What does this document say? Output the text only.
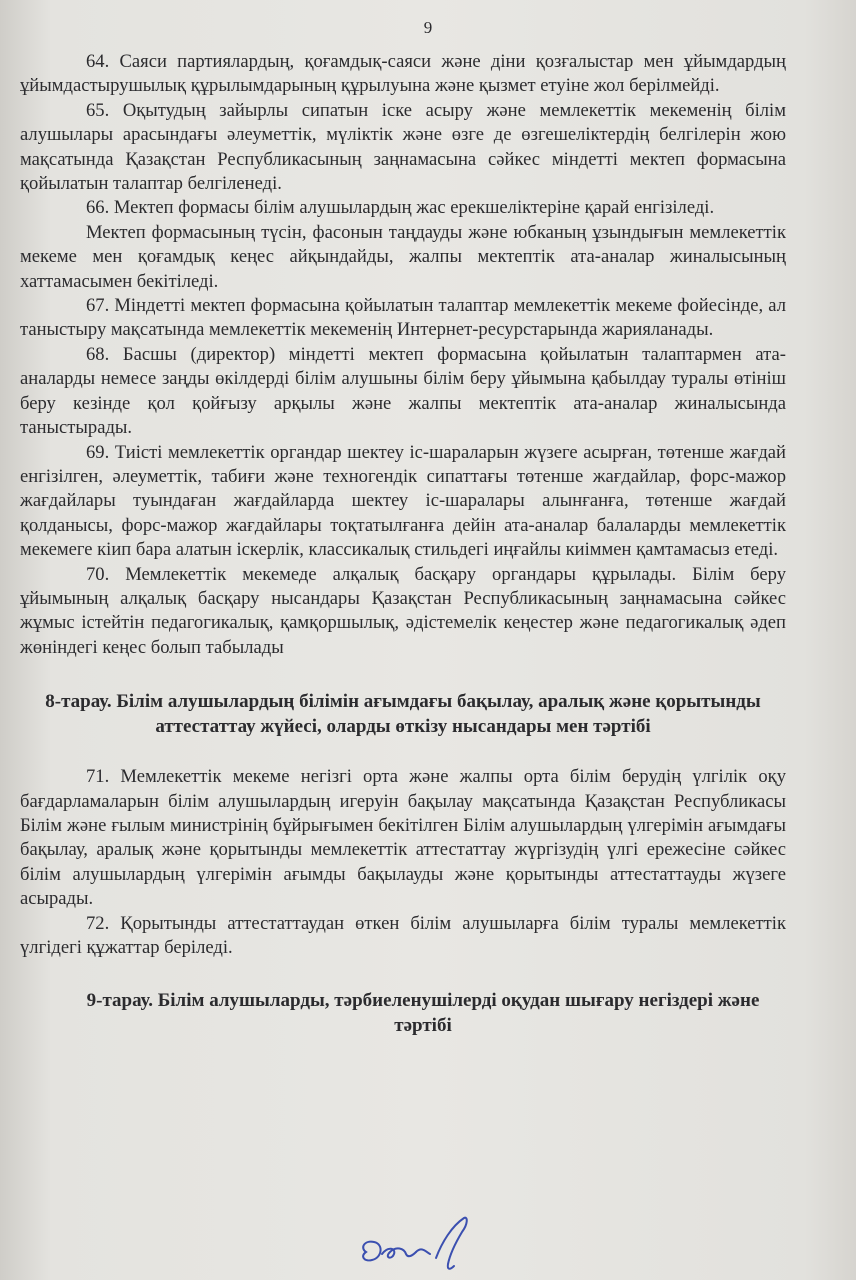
9

64. Саяси партиялардың, қоғамдық-саяси және діни қозғалыстар мен ұйымдардың ұйымдастырушылық құрылымдарының құрылуына және қызмет етуіне жол берілмейді.

65. Оқытудың зайырлы сипатын іске асыру және мемлекеттік мекеменің білім алушылары арасындағы әлеуметтік, мүліктік және өзге де өзгешеліктердің белгілерін жою мақсатында Қазақстан Республикасының заңнамасына сәйкес міндетті мектеп формасына қойылатын талаптар белгіленеді.

66. Мектеп формасы білім алушылардың жас ерекшеліктеріне қарай енгізіледі.

Мектеп формасының түсін, фасонын таңдауды және юбканың ұзындығын мемлекеттік мекеме мен қоғамдық кеңес айқындайды, жалпы мектептік ата-аналар жиналысының хаттамасымен бекітіледі.

67. Міндетті мектеп формасына қойылатын талаптар мемлекеттік мекеме фойесінде, ал таныстыру мақсатында мемлекеттік мекеменің Интернет-ресурстарында жарияланады.

68. Басшы (директор) міндетті мектеп формасына қойылатын талаптармен ата-аналарды немесе заңды өкілдерді білім алушыны білім беру ұйымына қабылдау туралы өтініш беру кезінде қол қойғызу арқылы және жалпы мектептік ата-аналар жиналысында таныстырады.

69. Тиісті мемлекеттік органдар шектеу іс-шараларын жүзеге асырған, төтенше жағдай енгізілген, әлеуметтік, табиғи және техногендік сипаттағы төтенше жағдайлар, форс-мажор жағдайлары туындаған жағдайларда шектеу іс-шаралары алынғанға, төтенше жағдай қолданысы, форс-мажор жағдайлары тоқтатылғанға дейін ата-аналар балаларды мемлекеттік мекемеге кіип бара алатын іскерлік, классикалық стильдегі иңғайлы киіммен қамтамасыз етеді.

70. Мемлекеттік мекемеде алқалық басқару органдары құрылады. Білім беру ұйымының алқалық басқару нысандары Қазақстан Республикасының заңнамасына сәйкес жұмыс істейтін педагогикалық, қамқоршылық, әдістемелік кеңестер және педагогикалық әдеп жөніндегі кеңес болып табылады

8-тарау. Білім алушылардың білімін ағымдағы бақылау, аралық және қорытынды аттестаттау жүйесі, оларды өткізу нысандары мен тәртібі

71. Мемлекеттік мекеме негізгі орта және жалпы орта білім берудің үлгілік оқу бағдарламаларын білім алушылардың игеруін бақылау мақсатында Қазақстан Республикасы Білім және ғылым министрінің бұйрығымен бекітілген Білім алушылардың үлгерімін ағымдағы бақылау, аралық және қорытынды мемлекеттік аттестаттау жүргізудің үлгі ережесіне сәйкес білім алушылардың үлгерімін ағымды бақылауды және қорытынды аттестаттауды жүзеге асырады.

72. Қорытынды аттестаттаудан өткен білім алушыларға білім туралы мемлекеттік үлгідегі құжаттар беріледі.

9-тарау. Білім алушыларды, тәрбиеленушілерді оқудан шығару негіздері және тәртібі
